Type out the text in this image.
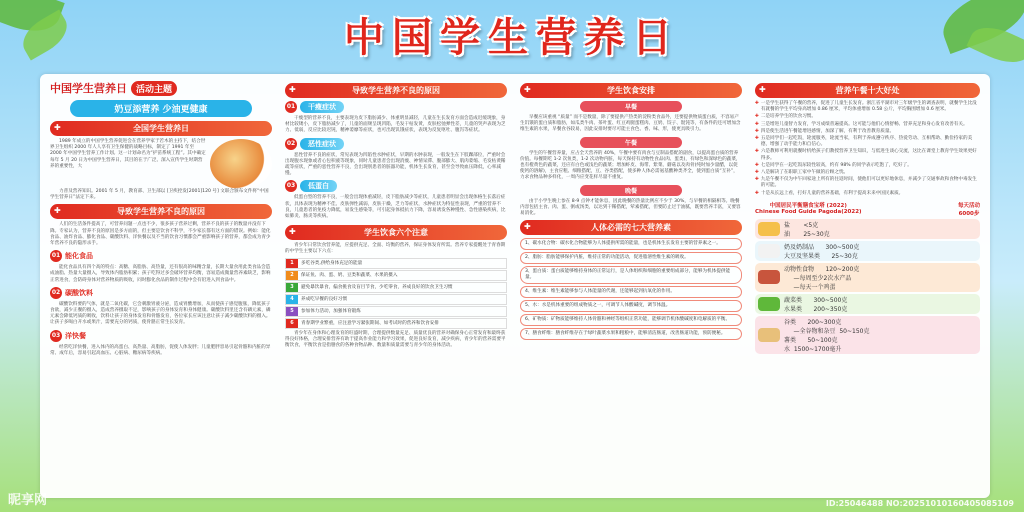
中国学生营养日
中国学生营养日	活动主题
奶豆添营养 少油更健康
✚	全国学生营养日

1989 年成立的中国学生营养促进会在营养学家于若木的主持下，结合世界卫生组织 2000 年人人享有卫生保健的战略目标，制定了 1991 年至 2000 年中国学生营养工作计划。这一计划命名为“护苗系统工程”。其中确定每年 5 月 20 日为中国学生营养日，其目的在于广泛、深入宣传学生时期营养的重要性，大

力普及营养知识。2001 年 5 月，教育部、卫生部以 [卫疾控发[2001]120 号] 文联合颁布文件将“中国学生营养日”法定下来。

✚	导致学生营养不良的原因

人们的生活条件提高了，可营养问题一点也不少，很多孩子营养过剩，营养不良的孩子的数量并没有下降。专家认为，营养不良的原因是多方面的，但主要是饮食不科学，不少家长都有这方面的错误。例如：能化食品、油炸食品、膨化食品、碳酸饮料、洋快餐以及不当的饮食习惯都会严重影响孩子的营养，都会成为青少年营养不良的隐形杀手。

01 能化食品

能化食品具有四个高的特点：高糖、高脂肪、高热量，还有很高的味精含量，长期大量食用此类食品会造成油脂、热量大量摄入，导致体内脂肪积累；孩子吃得过多会破坏营养均衡，容易造成微量营养素缺乏，影响正常进食，会防碍身体对营养物质的吸收，同时膨化食品的制作过程中会有铅进入到食品中。

02 碳酸饮料

碳酸饮料要的气体，就是二氧化碳，它会刺激胃液分泌，造成胃酸增加，从而使孩子感觉腹胀，降低孩子食欲，减少正餐的摄入，造成营养摄取不足，影响孩子的身体发育和身体健康。碳酸饮料里还含有磷元素，磷元素会降低钙质的吸收，饮料让孩子的身体发育和骨骼发育，各位家长应该注意让孩子减少碳酸饮料的摄入。让孩子多喝白开水或果汁，需要充分的钙质，使骨骼正常生长发育。

03 洋快餐

经常吃洋快餐，进入体内的高蛋白、高热量、高脂肪，促使人体发胖；儿童肥胖容易引起骨骼和内脏的异常、成年后，容易引起高血压、心脏病、糖尿病等疾病。

✚	导致学生营养不良的原因
01	干瘦症状

干瘦型的营养不良，主要表现为皮下脂肪减少、体重明显减轻，儿童在生长发育方面会造成迟缓现象，身材比较矮小，皮下脂肪减少了，儿童的面颊呈现凹陷，毛发干枯发黄，皮肤松弛弹性差，儿童的哭声表现为乏力、低弱，反应比较迟钝，精神萎靡等症状，也可出现饥饿症状，表现为反复呕吐、腹泻等症状。

02	恶性症状

恶性营养不良的症状，常见表现为凹陷性水肿症状，早期的水肿表现，一般发生在下肢踝部位，严重时会出现腹水现象或者心包积液等现象，同时儿童患者会出现消瘦、神情呆滞、腹部膨大、肌肉萎缩、毛发枯黄稀疏等症状，严重的恶性营养不良，会出现别患者的脏器功能，机体生长发育，甚至会导致血压降低，心率减慢。

03	低蛋白

低蛋白型的营养不良，一般会出现体重减轻，皮下脂肪减少等症状，儿童患者明显会出现体格生长落后症状，具体表现为精神不佳、皮肤弹性减弱，皮肤干燥，乏力等症状，水肿症状为特征性表现，严重的营养不良，儿童患者的免疫力降低，易发生感染等，可引起身体抵抗力下降，容易诱发各种慢性、急性感染疾病，比如肺炎、肠炎等疾病。

✚	学生饮食六个注意

青少年日常饮食营养能，应提供充足、全面、均衡的营养，保证身体发育所需。营养专家提醒处于青春期的中学生主要以下六点：

1	多吃谷类,供给身体充足的能量
2	保证鱼、肉、蛋、奶、豆类和蔬菜、水果的摄入
3	避免暴饮暴食，偏食挑食及盲目节食，少吃零食，养成良好的饮食卫生习惯
4	养成吃早餐的良好习惯
5	参加体力活动，加强体育锻炼
6	青春期学业繁重，应注意学习紧张期间、如考试时的营养和饮食安排

青少年在身体和心理发育的旺盛时期，合理提供数量充足、质量优良的营养对确保身心正常发育和最终获得良好体格，合理安排营养有助于提高作业能力和学习效果，促进良好发育，减少疾病，青少年的营养需要平衡饮食，平衡饮食是指膳食的各种食物品种、数量和质量需要与青少年的身体活动。

✚	学生饮食安排
早餐

早餐应该重视 “质量” 而不是数量，除了要提供产热类的淀粉类食品外，还要提供物质蛋白质，不容易产生饥饿的蛋白质和脂肪，如瓜类牛肉、茶叶蛋、红豆鸡腿蛋糕肉、豆奶、饺子、馄饨等，有条件的还可增加含维生素的水果，早餐食谷较易，因此安排时要尽可能主食色、香、味、形，使更具吸引力。

午餐

学生的午餐营养量，应占全天营养的 40%，午餐中要有肉食与豆制品搭配的副食，以提高蛋白质的营养价值。每餐期吃 1-2 次鱼类，1-2 次动物内脏，每天保持有动物性食品(肉、蛋类)，有绿色和深绿色的蔬菜，也有橙黄色的蔬菜，还应有白色或浅色的蔬菜；增加虾皮、海带、紫菜、蘑菇以及肉骨(纯时加少量醋，以促使钙的溶解)，主食应粗、细粮搭配，豆、谷类搭配，使多种人体必需氨基酸种类齐全，使到蛋白质“互补”，力求食物品种多样化，一周内应变花样尽量不重复。

晚餐

由于小学生晚上参在 8-9 点钟才能休息，因此晚餐的热量比例应不少于 30%，与早餐的相隔相等。晚餐内容包括主食、肉、蛋、粥或汤类，以达到干稀搭配，荤素搭配，但要防止过于油腻，既要营养丰富，又要容易消化。

✚	人体必需的七大营养素
1、碳水化合物：碳水化合物能够为人体提供所需的能量，也是机体生长发育主要的营养素之一。
2、脂肪：脂肪能够保护内脏，维持正常的功能活动，促进脂溶性维生素的吸收。
3、蛋白质：蛋白质能够维持身体的正常运行，是人体组织和细胞的重要组成部分，能够为机体提供能量。
4、维生素：维生素能够参与人体能量的代谢，还能够起到抗氧化的作用。
5、水：水是机体重要的组成物质之一，可调节人体酸碱度，调节体温。
6、矿物质：矿物质能够维持人体骨骼和神经等组织正常功能，能够调节机体酸碱度和电解质的平衡。
7、膳食纤维：膳食纤维存在于绿叶蔬菜水果和粗粮中，能够清洁肠道，改善肠道功能，预防便秘。
✚	营养午餐十大好处
✚ 一是学生获得了午餐的营养，促进了儿童生长发育。浙江省平湖市对三年级学生的调查表明，就餐学生比没有就餐的学生平均身高增加 0.86 厘米，平均体重增加 0.58 公斤，平均胸围增加 0.6 厘米。
✚ 二是培养学生的饮食习惯。
✚ 三是增进儿童智力发育，学习成绩普遍提高。这可能与他们心情舒畅、营养充足和身心发育改善有关。
✚ 四是使生活进午餐能增进感情，加深了解，有利于改善教育质量。
✚ 五是同学们一起吃饭，轮流服务，轮流当家，有利于养成遵守秩序、热爱劳动、互相帮助、勤俭持家的美德，增强了动手能力和自信心。
✚ 六是教师可利用就餐时机给孩子们教授营养卫生知识，与低进生谈心交流，这比在课堂上教育学生效果更好得多。
✚ 七是同学在一起吃饭尿较性较高，约有 98% 的同学表示吃饱了，吃好了。
✚ 八是解决了在职职工家中午做的后顾之忧。
✚ 九是午餐不仅为中午回家途上所有的往返时间，使他们可以更好地休息，并减少了交通事故和食物中毒发生的可能。
✚ 十是从长远上看，打好儿童的营养基础，有利于提高未来中国民素质。
中国居民平衡膳食宝塔 (2022)
Chinese Food Guide Pagoda(2022)
每天活动
6000步
盐       <5克
油       25~30克
奶及奶制品      300~500克
大豆及坚果类      25~30克
动物性食物      120~200克
—每周至少2次水产品
—每天一个鸡蛋
蔬菜类      300~500克
水果类      200~350克
谷类      200~300克
—全谷物和杂豆  50~150克
薯类      50~100克
水  1500~1700毫升
昵享网	ID:25046488 NO:20251010160405085109
